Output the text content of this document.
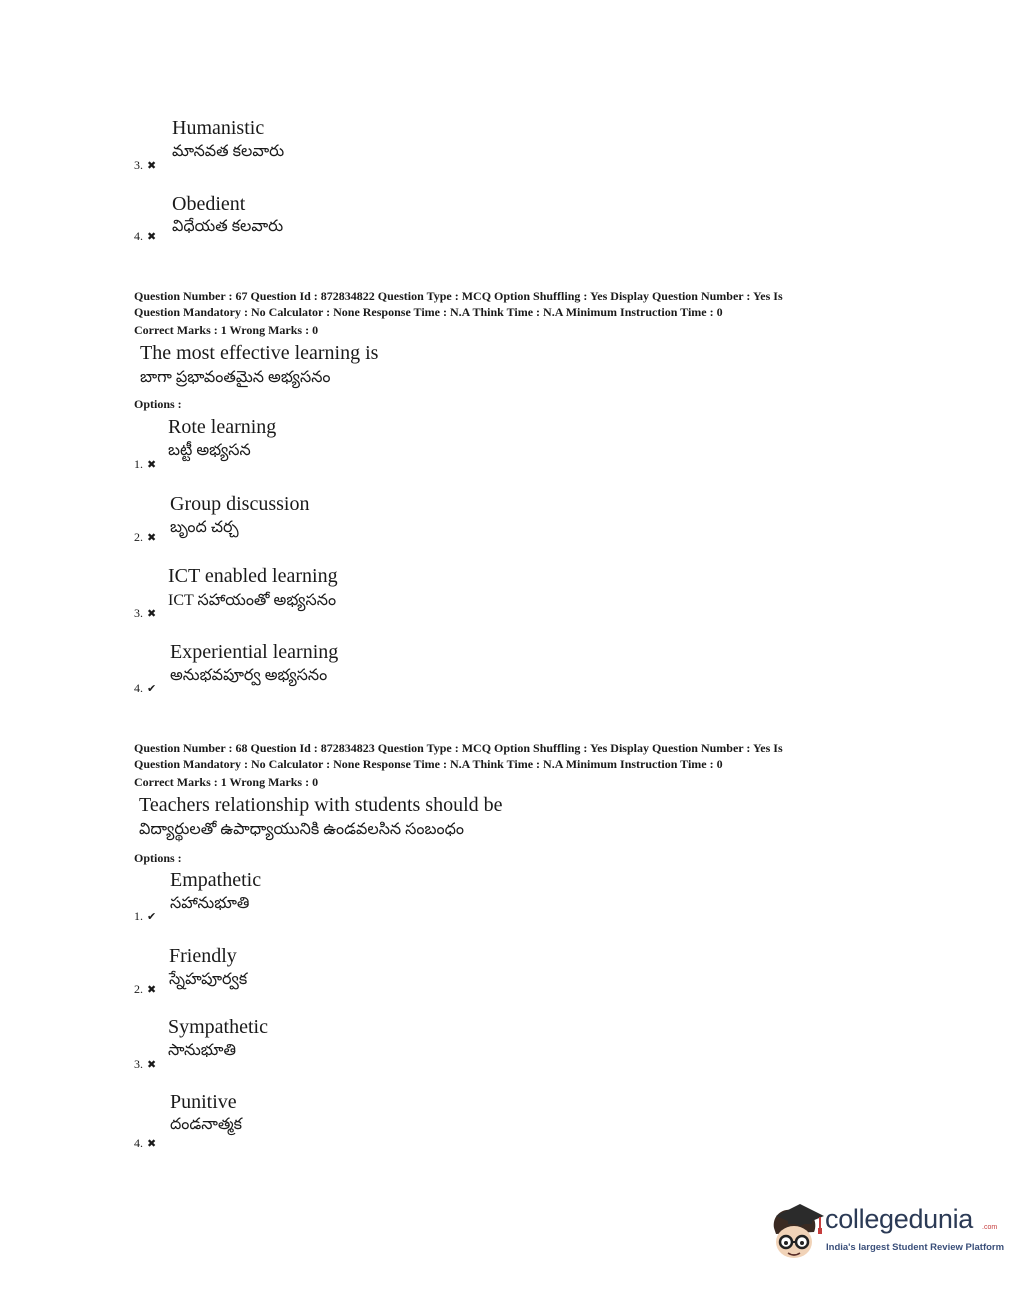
Humanistic
మానవత కలవారు
3. ✖
Obedient
విధేయత కలవారు
4. ✖
Question Number : 67 Question Id : 872834822 Question Type : MCQ Option Shuffling : Yes Display Question Number : Yes Is
Question Mandatory : No Calculator : None Response Time : N.A Think Time : N.A Minimum Instruction Time : 0
Correct Marks : 1 Wrong Marks : 0
The most effective learning is
బాగా ప్రభావంతమైన అభ్యసనం
Options :
Rote learning
బట్టీ అభ్యసన
1. ✖
Group discussion
బృంద చర్చ
2. ✖
ICT enabled learning
ICT సహాయంతో అభ్యసనం
3. ✖
Experiential learning
అనుభవపూర్వ అభ్యసనం
4. ✔
Question Number : 68 Question Id : 872834823 Question Type : MCQ Option Shuffling : Yes Display Question Number : Yes Is
Question Mandatory : No Calculator : None Response Time : N.A Think Time : N.A Minimum Instruction Time : 0
Correct Marks : 1 Wrong Marks : 0
Teachers relationship with students should be
విద్యార్థులతో ఉపాధ్యాయునికి ఉండవలసిన సంబంధం
Options :
Empathetic
సహానుభూతి
1. ✔
Friendly
స్నేహపూర్వక
2. ✖
Sympathetic
సానుభూతి
3. ✖
Punitive
దండనాత్మక
4. ✖
collegedunia .com
India's largest Student Review Platform
